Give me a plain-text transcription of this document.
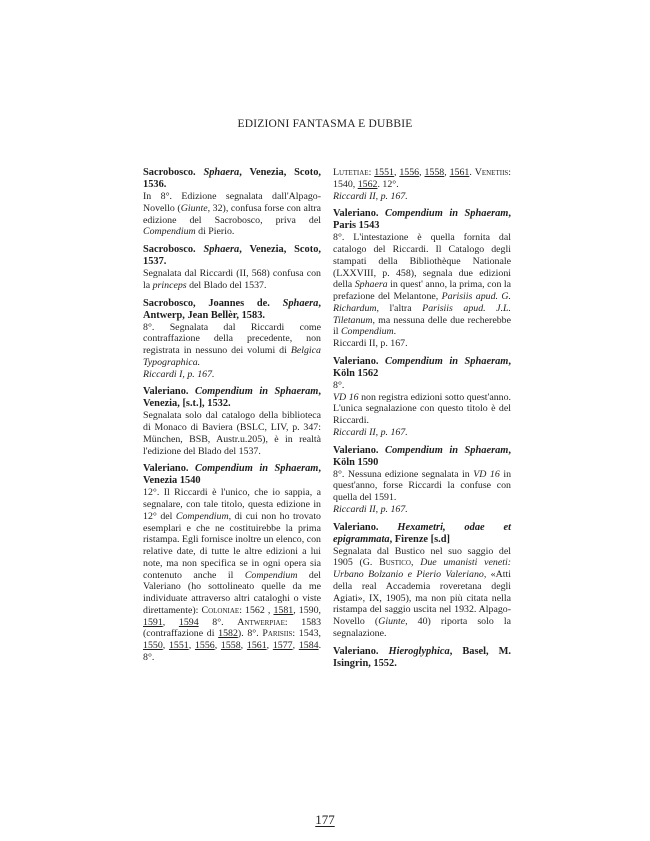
EDIZIONI FANTASMA E DUBBIE

Sacrobosco. Sphaera, Venezia, Scoto, 1536.

In 8°. Edizione segnalata dall'Alpago-Novello (Giunte, 32), confusa forse con altra edizione del Sacrobosco, priva del Compendium di Pierio.

Sacrobosco. Sphaera, Venezia, Scoto, 1537.

Segnalata dal Riccardi (II, 568) confusa con la princeps del Blado del 1537.

Sacrobosco, Joannes de. Sphaera, Antwerp, Jean Bellèr, 1583.

8°. Segnalata dal Riccardi come contraffazione della precedente, non registrata in nessuno dei volumi di Belgica Typographica.

Riccardi I, p. 167.

Valeriano. Compendium in Sphaeram, Venezia, [s.t.], 1532.

Segnalata solo dal catalogo della biblioteca di Monaco di Baviera (BSLC, LIV, p. 347: München, BSB, Austr.u.205), è in realtà l'edizione del Blado del 1537.

Valeriano. Compendium in Sphaeram, Venezia 1540

12°. Il Riccardi è l'unico, che io sappia, a segnalare, con tale titolo, questa edizione in 12° del Compendium, di cui non ho trovato esemplari e che ne costituirebbe la prima ristampa. Egli fornisce inoltre un elenco, con relative date, di tutte le altre edizioni a lui note, ma non specifica se in ogni opera sia contenuto anche il Compendium del Valeriano (ho sottolineato quelle da me individuate attraverso altri cataloghi o viste direttamente): Coloniae: 1562 , 1581, 1590, 1591, 1594 8°. Antwerpiae: 1583 (contraffazione di 1582). 8°. Parisiis: 1543, 1550, 1551, 1556, 1558, 1561, 1577, 1584. 8°.

Lutetiae: 1551, 1556, 1558, 1561. Venetiis: 1540, 1562. 12°.

Riccardi II, p. 167.

Valeriano. Compendium in Sphaeram, Paris 1543

8°. L'intestazione è quella fornita dal catalogo del Riccardi. Il Catalogo degli stampati della Bibliothèque Nationale (LXXVIII, p. 458), segnala due edizioni della Sphaera in quest' anno, la prima, con la prefazione del Melantone, Parisiis apud. G. Richardum, l'altra Parisiis apud. J.L. Tiletanum, ma nessuna delle due recherebbe il Compendium.

Riccardi II, p. 167.

Valeriano. Compendium in Sphaeram, Köln 1562

8°.

VD 16 non registra edizioni sotto quest'anno. L'unica segnalazione con questo titolo è del Riccardi.

Riccardi II, p. 167.

Valeriano. Compendium in Sphaeram, Köln 1590

8°. Nessuna edizione segnalata in VD 16 in quest'anno, forse Riccardi la confuse con quella del 1591.

Riccardi II, p. 167.

Valeriano. Hexametri, odae et epigrammata, Firenze [s.d]

Segnalata dal Bustico nel suo saggio del 1905 (G. Bustico, Due umanisti veneti: Urbano Bolzanio e Pierio Valeriano, «Atti della real Accademia roveretana degli Agiati», IX, 1905), ma non più citata nella ristampa del saggio uscita nel 1932. Alpago-Novello (Giunte, 40) riporta solo la segnalazione.

Valeriano. Hieroglyphica, Basel, M. Isingrin, 1552.

177
